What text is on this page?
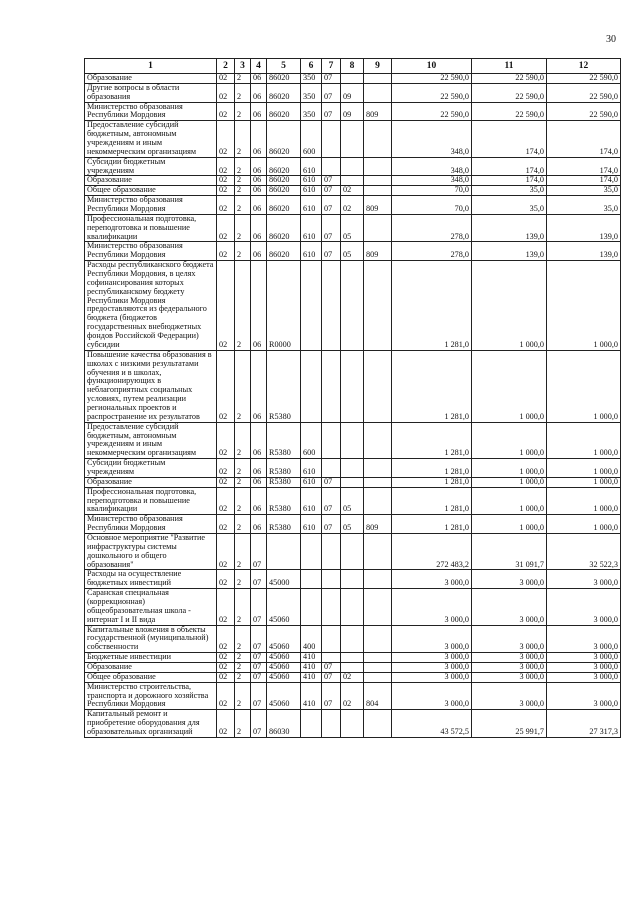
30
1	2	3	4	5	6	7	8	9	10	11	12
Образование	02	2	06	86020	350	07			22 590,0	22 590,0	22 590,0
Другие вопросы в области образования	02	2	06	86020	350	07	09		22 590,0	22 590,0	22 590,0
Министерство образования Республики Мордовия	02	2	06	86020	350	07	09	809	22 590,0	22 590,0	22 590,0
Предоставление субсидий бюджетным, автономным учреждениям и иным некоммерческим организациям	02	2	06	86020	600				348,0	174,0	174,0
Субсидии бюджетным учреждениям	02	2	06	86020	610				348,0	174,0	174,0
Образование	02	2	06	86020	610	07			348,0	174,0	174,0
Общее образование	02	2	06	86020	610	07	02		70,0	35,0	35,0
Министерство образования Республики Мордовия	02	2	06	86020	610	07	02	809	70,0	35,0	35,0
Профессиональная подготовка, переподготовка и повышение квалификации	02	2	06	86020	610	07	05		278,0	139,0	139,0
Министерство образования Республики Мордовия	02	2	06	86020	610	07	05	809	278,0	139,0	139,0
Расходы республиканского бюджета Республики Мордовия, в целях софинансирования которых республиканскому бюджету Республики Мордовия предоставляются из федерального бюджета (бюджетов государственных внебюджетных фондов Российской Федерации) субсидии	02	2	06	R0000					1 281,0	1 000,0	1 000,0
Повышение качества образования в школах с низкими результатами обучения и в школах, функционирующих в неблагоприятных социальных условиях, путем реализации региональных проектов и распространение их результатов	02	2	06	R5380					1 281,0	1 000,0	1 000,0
Предоставление субсидий бюджетным, автономным учреждениям и иным некоммерческим организациям	02	2	06	R5380	600				1 281,0	1 000,0	1 000,0
Субсидии бюджетным учреждениям	02	2	06	R5380	610				1 281,0	1 000,0	1 000,0
Образование	02	2	06	R5380	610	07			1 281,0	1 000,0	1 000,0
Профессиональная подготовка, переподготовка и повышение квалификации	02	2	06	R5380	610	07	05		1 281,0	1 000,0	1 000,0
Министерство образования Республики Мордовия	02	2	06	R5380	610	07	05	809	1 281,0	1 000,0	1 000,0
Основное мероприятие "Развитие инфраструктуры системы дошкольного и общего образования"	02	2	07						272 483,2	31 091,7	32 522,3
Расходы на осуществление бюджетных инвестиций	02	2	07	45000					3 000,0	3 000,0	3 000,0
Саранская специальная (коррекционная) общеобразовательная школа - интернат I и II вида	02	2	07	45060					3 000,0	3 000,0	3 000,0
Капитальные вложения в объекты государственной (муниципальной) собственности	02	2	07	45060	400				3 000,0	3 000,0	3 000,0
Бюджетные инвестиции	02	2	07	45060	410				3 000,0	3 000,0	3 000,0
Образование	02	2	07	45060	410	07			3 000,0	3 000,0	3 000,0
Общее образование	02	2	07	45060	410	07	02		3 000,0	3 000,0	3 000,0
Министерство строительства, транспорта и дорожного хозяйства Республики Мордовия	02	2	07	45060	410	07	02	804	3 000,0	3 000,0	3 000,0
Капитальный ремонт и приобретение оборудования для образовательных организаций	02	2	07	86030					43 572,5	25 991,7	27 317,3
